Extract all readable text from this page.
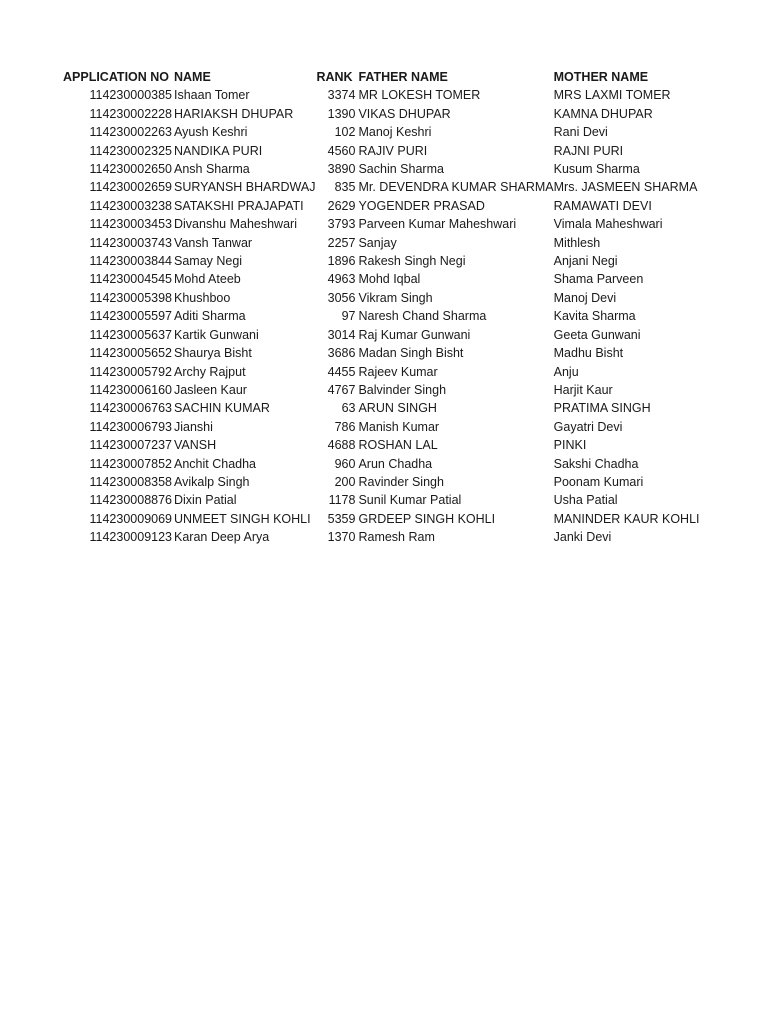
APPLICATION NO	NAME	RANK	FATHER NAME	MOTHER NAME
114230000385	Ishaan Tomer	3374	MR LOKESH TOMER	MRS LAXMI TOMER
114230002228	HARIAKSH DHUPAR	1390	VIKAS DHUPAR	KAMNA DHUPAR
114230002263	Ayush Keshri	102	Manoj Keshri	Rani Devi
114230002325	NANDIKA PURI	4560	RAJIV PURI	RAJNI PURI
114230002650	Ansh Sharma	3890	Sachin Sharma	Kusum Sharma
114230002659	SURYANSH BHARDWAJ	835	Mr. DEVENDRA KUMAR SHARMA	Mrs. JASMEEN SHARMA
114230003238	SATAKSHI PRAJAPATI	2629	YOGENDER PRASAD	RAMAWATI DEVI
114230003453	Divanshu Maheshwari	3793	Parveen Kumar Maheshwari	Vimala Maheshwari
114230003743	Vansh Tanwar	2257	Sanjay	Mithlesh
114230003844	Samay Negi	1896	Rakesh Singh Negi	Anjani Negi
114230004545	Mohd Ateeb	4963	Mohd Iqbal	Shama Parveen
114230005398	Khushboo	3056	Vikram Singh	Manoj Devi
114230005597	Aditi Sharma	97	Naresh Chand Sharma	Kavita Sharma
114230005637	Kartik Gunwani	3014	Raj Kumar Gunwani	Geeta Gunwani
114230005652	Shaurya Bisht	3686	Madan Singh Bisht	Madhu Bisht
114230005792	Archy Rajput	4455	Rajeev Kumar	Anju
114230006160	Jasleen Kaur	4767	Balvinder Singh	Harjit Kaur
114230006763	SACHIN KUMAR	63	ARUN SINGH	PRATIMA SINGH
114230006793	Jianshi	786	Manish Kumar	Gayatri Devi
114230007237	VANSH	4688	ROSHAN LAL	PINKI
114230007852	Anchit Chadha	960	Arun Chadha	Sakshi Chadha
114230008358	Avikalp Singh	200	Ravinder Singh	Poonam Kumari
114230008876	Dixin Patial	1178	Sunil Kumar Patial	Usha Patial
114230009069	UNMEET SINGH KOHLI	5359	GRDEEP SINGH KOHLI	MANINDER KAUR KOHLI
114230009123	Karan Deep Arya	1370	Ramesh Ram	Janki Devi
